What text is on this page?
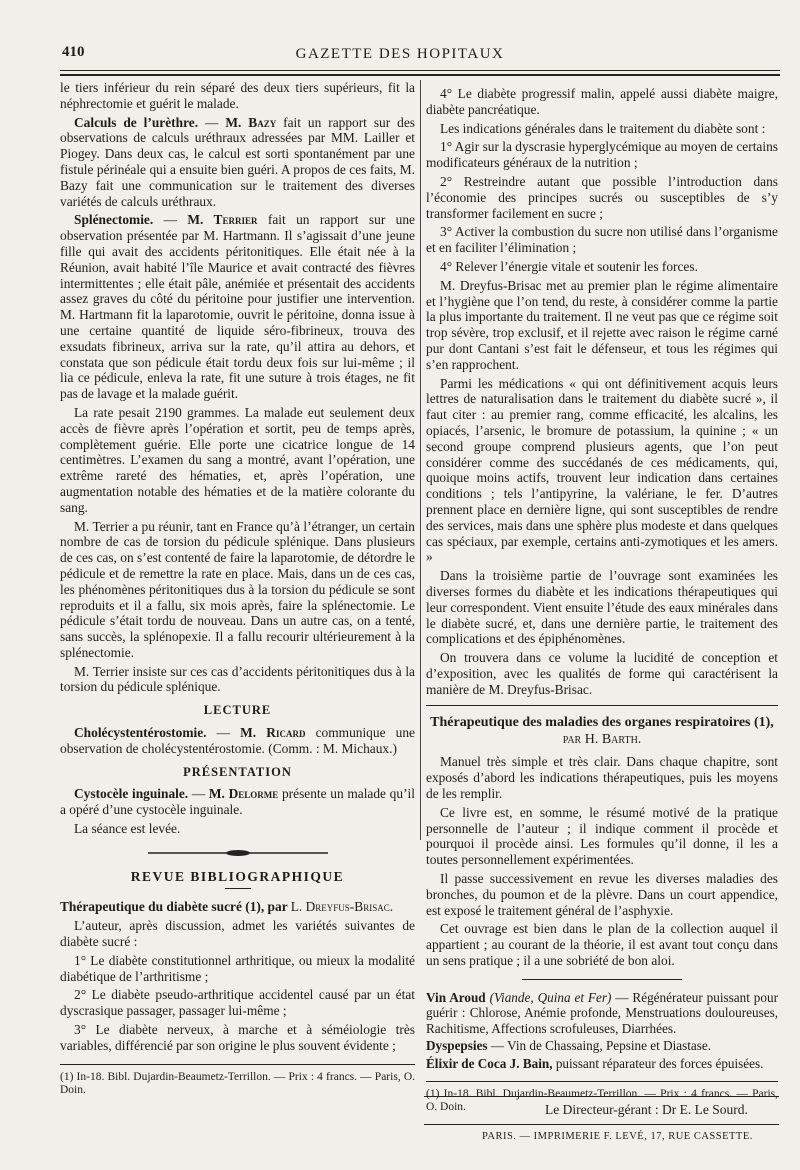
410	GAZETTE DES HOPITAUX

le tiers inférieur du rein séparé des deux tiers supérieurs, fit la néphrectomie et guérit le malade.

Calculs de l’urèthre. — M. Bazy fait un rapport sur des observations de calculs uréthraux adressées par MM. Lailler et Piogey. Dans deux cas, le calcul est sorti spontanément par une fistule périnéale qui a ensuite bien guéri. A propos de ces faits, M. Bazy fait une communication sur le traitement des diverses variétés de calculs uréthraux.

Splénectomie. — M. Terrier fait un rapport sur une observation présentée par M. Hartmann. Il s’agissait d’une jeune fille qui avait des accidents péritonitiques. Elle était née à la Réunion, avait habité l’île Maurice et avait contracté des fièvres intermittentes ; elle était pâle, anémiée et présentait des accidents assez graves du côté du péritoine pour justifier une intervention. M. Hartmann fit la laparotomie, ouvrit le péritoine, donna issue à une certaine quantité de liquide séro-fibrineux, trouva des exsudats fibrineux, arriva sur la rate, qu’il attira au dehors, et constata que son pédicule était tordu deux fois sur lui-même ; il lia ce pédicule, enleva la rate, fit une suture à trois étages, ne fit pas de lavage et la malade guérit.

La rate pesait 2190 grammes. La malade eut seulement deux accès de fièvre après l’opération et sortit, peu de temps après, complètement guérie. Elle porte une cicatrice longue de 14 centimètres. L’examen du sang a montré, avant l’opération, une extrême rareté des hématies, et, après l’opération, une augmentation notable des hématies et de la matière colorante du sang.

M. Terrier a pu réunir, tant en France qu’à l’étranger, un certain nombre de cas de torsion du pédicule splénique. Dans plusieurs de ces cas, on s’est contenté de faire la laparotomie, de détordre le pédicule et de remettre la rate en place. Mais, dans un de ces cas, les phénomènes péritonitiques dus à la torsion du pédicule se sont reproduits et il a fallu, six mois après, faire la splénectomie. Le pédicule s’était tordu de nouveau. Dans un autre cas, on a tenté, sans succès, la splénopexie. Il a fallu recourir ultérieurement à la splénectomie.

M. Terrier insiste sur ces cas d’accidents péritonitiques dus à la torsion du pédicule splénique.

LECTURE

Cholécystentérostomie. — M. Ricard communique une observation de cholécystentérostomie. (Comm. : M. Michaux.)

PRÉSENTATION

Cystocèle inguinale. — M. Delorme présente un malade qu’il a opéré d’une cystocèle inguinale.

La séance est levée.

REVUE BIBLIOGRAPHIQUE

Thérapeutique du diabète sucré (1), par L. Dreyfus-Brisac.

L’auteur, après discussion, admet les variétés suivantes de diabète sucré :

1° Le diabète constitutionnel arthritique, ou mieux la modalité diabétique de l’arthritisme ;

2° Le diabète pseudo-arthritique accidentel causé par un état dyscrasique passager, passager lui-même ;

3° Le diabète nerveux, à marche et à séméiologie très variables, différencié par son origine le plus souvent évidente ;

(1) In-18. Bibl. Dujardin-Beaumetz-Terrillon. — Prix : 4 francs. — Paris, O. Doin.

4° Le diabète progressif malin, appelé aussi diabète maigre, diabète pancréatique.

Les indications générales dans le traitement du diabète sont :

1° Agir sur la dyscrasie hyperglycémique au moyen de certains modificateurs généraux de la nutrition ;

2° Restreindre autant que possible l’introduction dans l’économie des principes sucrés ou susceptibles de s’y transformer facilement en sucre ;

3° Activer la combustion du sucre non utilisé dans l’organisme et en faciliter l’élimination ;

4° Relever l’énergie vitale et soutenir les forces.

M. Dreyfus-Brisac met au premier plan le régime alimentaire et l’hygiène que l’on tend, du reste, à considérer comme la partie la plus importante du traitement. Il ne veut pas que ce régime soit trop sévère, trop exclusif, et il rejette avec raison le régime carné pur dont Cantani s’est fait le défenseur, et tous les régimes qui s’en rapprochent.

Parmi les médications « qui ont définitivement acquis leurs lettres de naturalisation dans le traitement du diabète sucré », il faut citer : au premier rang, comme efficacité, les alcalins, les opiacés, l’arsenic, le bromure de potassium, la quinine ; « un second groupe comprend plusieurs agents, que l’on peut considérer comme des succédanés de ces médicaments, qui, quoique moins actifs, trouvent leur indication dans certaines conditions ; tels l’antipyrine, la valériane, le fer. D’autres prennent place en dernière ligne, qui sont susceptibles de rendre des services, mais dans une sphère plus modeste et dans quelques cas spéciaux, par exemple, certains anti-zymotiques et les amers. »

Dans la troisième partie de l’ouvrage sont examinées les diverses formes du diabète et les indications thérapeutiques qui leur correspondent. Vient ensuite l’étude des eaux minérales dans le diabète sucré, et, dans une dernière partie, le traitement des complications et des épiphénomènes.

On trouvera dans ce volume la lucidité de conception et d’exposition, avec les qualités de forme qui caractérisent la manière de M. Dreyfus-Brisac.

Thérapeutique des maladies des organes respiratoires (1),
par H. Barth.

Manuel très simple et très clair. Dans chaque chapitre, sont exposés d’abord les indications thérapeutiques, puis les moyens de les remplir.

Ce livre est, en somme, le résumé motivé de la pratique personnelle de l’auteur ; il indique comment il procède et pourquoi il procède ainsi. Les formules qu’il donne, il les a toutes personnellement expérimentées.

Il passe successivement en revue les diverses maladies des bronches, du poumon et de la plèvre. Dans un court appendice, est exposé le traitement général de l’asphyxie.

Cet ouvrage est bien dans le plan de la collection auquel il appartient ; au courant de la théorie, il est avant tout conçu dans un sens pratique ; il a une sobriété de bon aloi.

Vin Aroud (Viande, Quina et Fer) — Régénérateur puissant pour guérir : Chlorose, Anémie profonde, Menstruations douloureuses, Rachitisme, Affections scrofuleuses, Diarrhées.

Dyspepsies — Vin de Chassaing, Pepsine et Diastase.

Élixir de Coca J. Bain, puissant réparateur des forces épuisées.

(1) In-18. Bibl. Dujardin-Beaumetz-Terrillon. — Prix : 4 francs. — Paris, O. Doin.	Le Directeur-gérant : Dr E. Le Sourd.
PARIS. — IMPRIMERIE F. LEVÉ, 17, RUE CASSETTE.
